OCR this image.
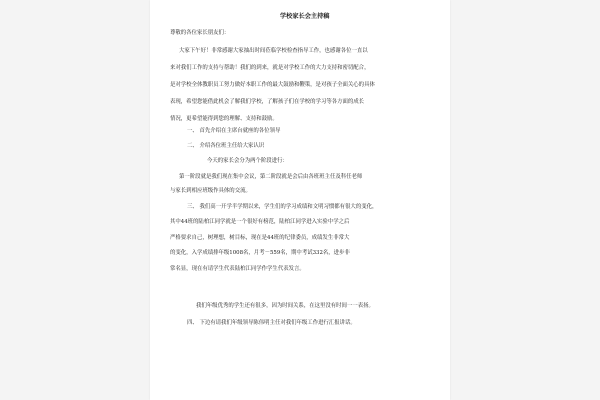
学校家长会主持稿
尊敬的各位家长朋友们：
大家下午好！非常感谢大家抽出时间莅临学校检查指导工作，也感谢各位一直以
来对我们工作的支持与帮助！我们的到来，就是对学校工作的大力支持和密切配合，
是对学校全体教职员工努力做好本职工作的最大鼓励和鞭策，是对孩子全面关心的具体
表现，希望您能借此机会了解我们学校，了解孩子们在学校的学习等各方面的成长
情况，更希望能得到您的理解、支持和鼓励。
一、 首先介绍在主席台就座的各位领导
二、 介绍各位班主任给大家认识
今天的家长会分为两个阶段进行：
第一阶段就是我们现在集中会议，第二阶段就是会后由各班班主任及科任老师
与家长到相应班级作具体的交流。
三、 我们高一开学半学期以来，学生们的学习成绩和文明习惯都有很大的变化，
其中44班的陆柏江同学就是一个很好有榜范，陆柏江同学进入实验中学之后
严格要求自己，树理想，树目标，现在是44班的纪律委员，成绩发生非常大
的变化，入学成绩排年级1008名，月考－559名，期中考试332名，进步非
常名显，现在有请学生代表陆柏江同学作学生代表发言。
我们年级优秀的学生还有很多，因为时间关系，在这里没有时间一一表扬。
四、 下边有请我们年级领导陈伟明主任对我们年级工作进行汇报讲话。
